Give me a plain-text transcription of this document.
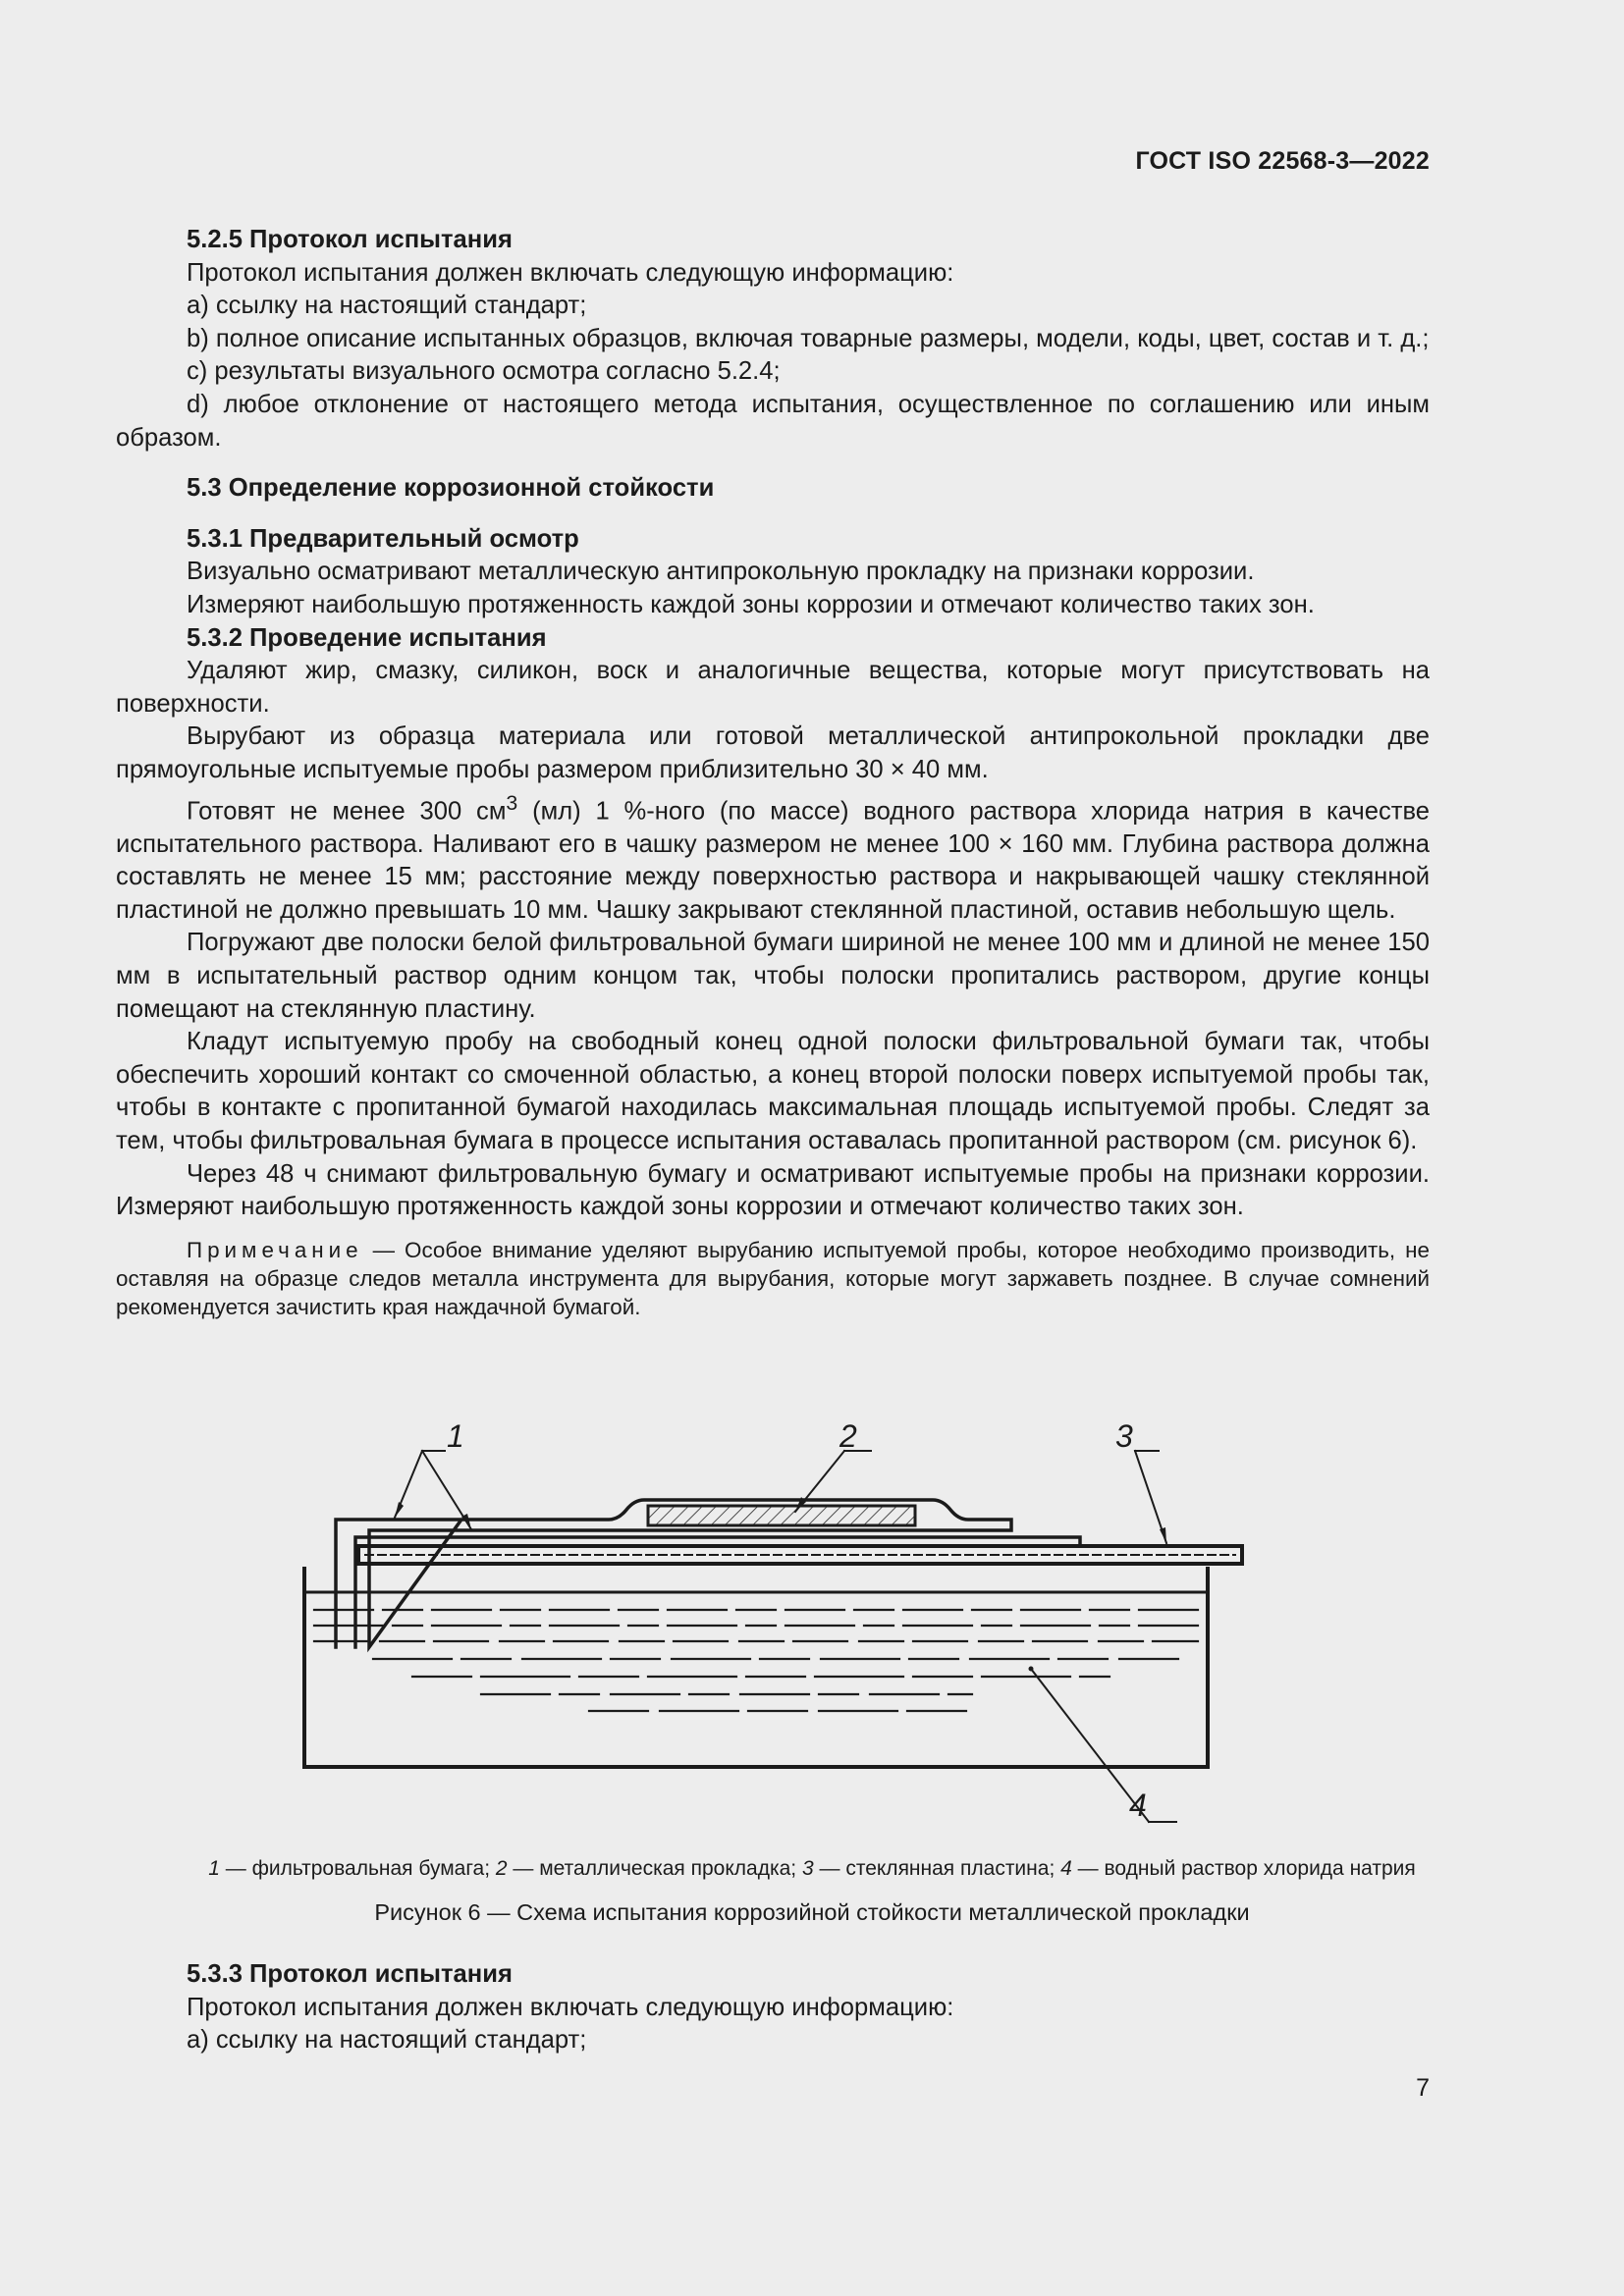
ГОСТ ISO 22568-3—2022

5.2.5 Протокол испытания

Протокол испытания должен включать следующую информацию:

a) ссылку на настоящий стандарт;

b) полное описание испытанных образцов, включая товарные размеры, модели, коды, цвет, состав и т. д.;

c) результаты визуального осмотра согласно 5.2.4;

d) любое отклонение от настоящего метода испытания, осуществленное по соглашению или иным образом.

5.3 Определение коррозионной стойкости

5.3.1 Предварительный осмотр

Визуально осматривают металлическую антипрокольную прокладку на признаки коррозии.

Измеряют наибольшую протяженность каждой зоны коррозии и отмечают количество таких зон.

5.3.2 Проведение испытания

Удаляют жир, смазку, силикон, воск и аналогичные вещества, которые могут присутствовать на поверхности.

Вырубают из образца материала или готовой металлической антипрокольной прокладки две прямоугольные испытуемые пробы размером приблизительно 30 × 40 мм.

Готовят не менее 300 $см^3$ (мл) 1 %-ного (по массе) водного раствора хлорида натрия в качестве испытательного раствора. Наливают его в чашку размером не менее 100 × 160 мм. Глубина раствора должна составлять не менее 15 мм; расстояние между поверхностью раствора и накрывающей чашку стеклянной пластиной не должно превышать 10 мм. Чашку закрывают стеклянной пластиной, оставив небольшую щель.

Погружают две полоски белой фильтровальной бумаги шириной не менее 100 мм и длиной не менее 150 мм в испытательный раствор одним концом так, чтобы полоски пропитались раствором, другие концы помещают на стеклянную пластину.

Кладут испытуемую пробу на свободный конец одной полоски фильтровальной бумаги так, чтобы обеспечить хороший контакт со смоченной областью, а конец второй полоски поверх испытуемой пробы так, чтобы в контакте с пропитанной бумагой находилась максимальная площадь испытуемой пробы. Следят за тем, чтобы фильтровальная бумага в процессе испытания оставалась пропитанной раствором (см. рисунок 6).

Через 48 ч снимают фильтровальную бумагу и осматривают испытуемые пробы на признаки коррозии. Измеряют наибольшую протяженность каждой зоны коррозии и отмечают количество таких зон.

Примечание — Особое внимание уделяют вырубанию испытуемой пробы, которое необходимо производить, не оставляя на образце следов металла инструмента для вырубания, которые могут заржаветь позднее. В случае сомнений рекомендуется зачистить края наждачной бумагой.

1	2	3
4
1 — фильтровальная бумага; 2 — металлическая прокладка; 3 — стеклянная пластина; 4 — водный раствор хлорида натрия
Рисунок 6 — Схема испытания коррозийной стойкости металлической прокладки

5.3.3 Протокол испытания

Протокол испытания должен включать следующую информацию:

a) ссылку на настоящий стандарт;

7
